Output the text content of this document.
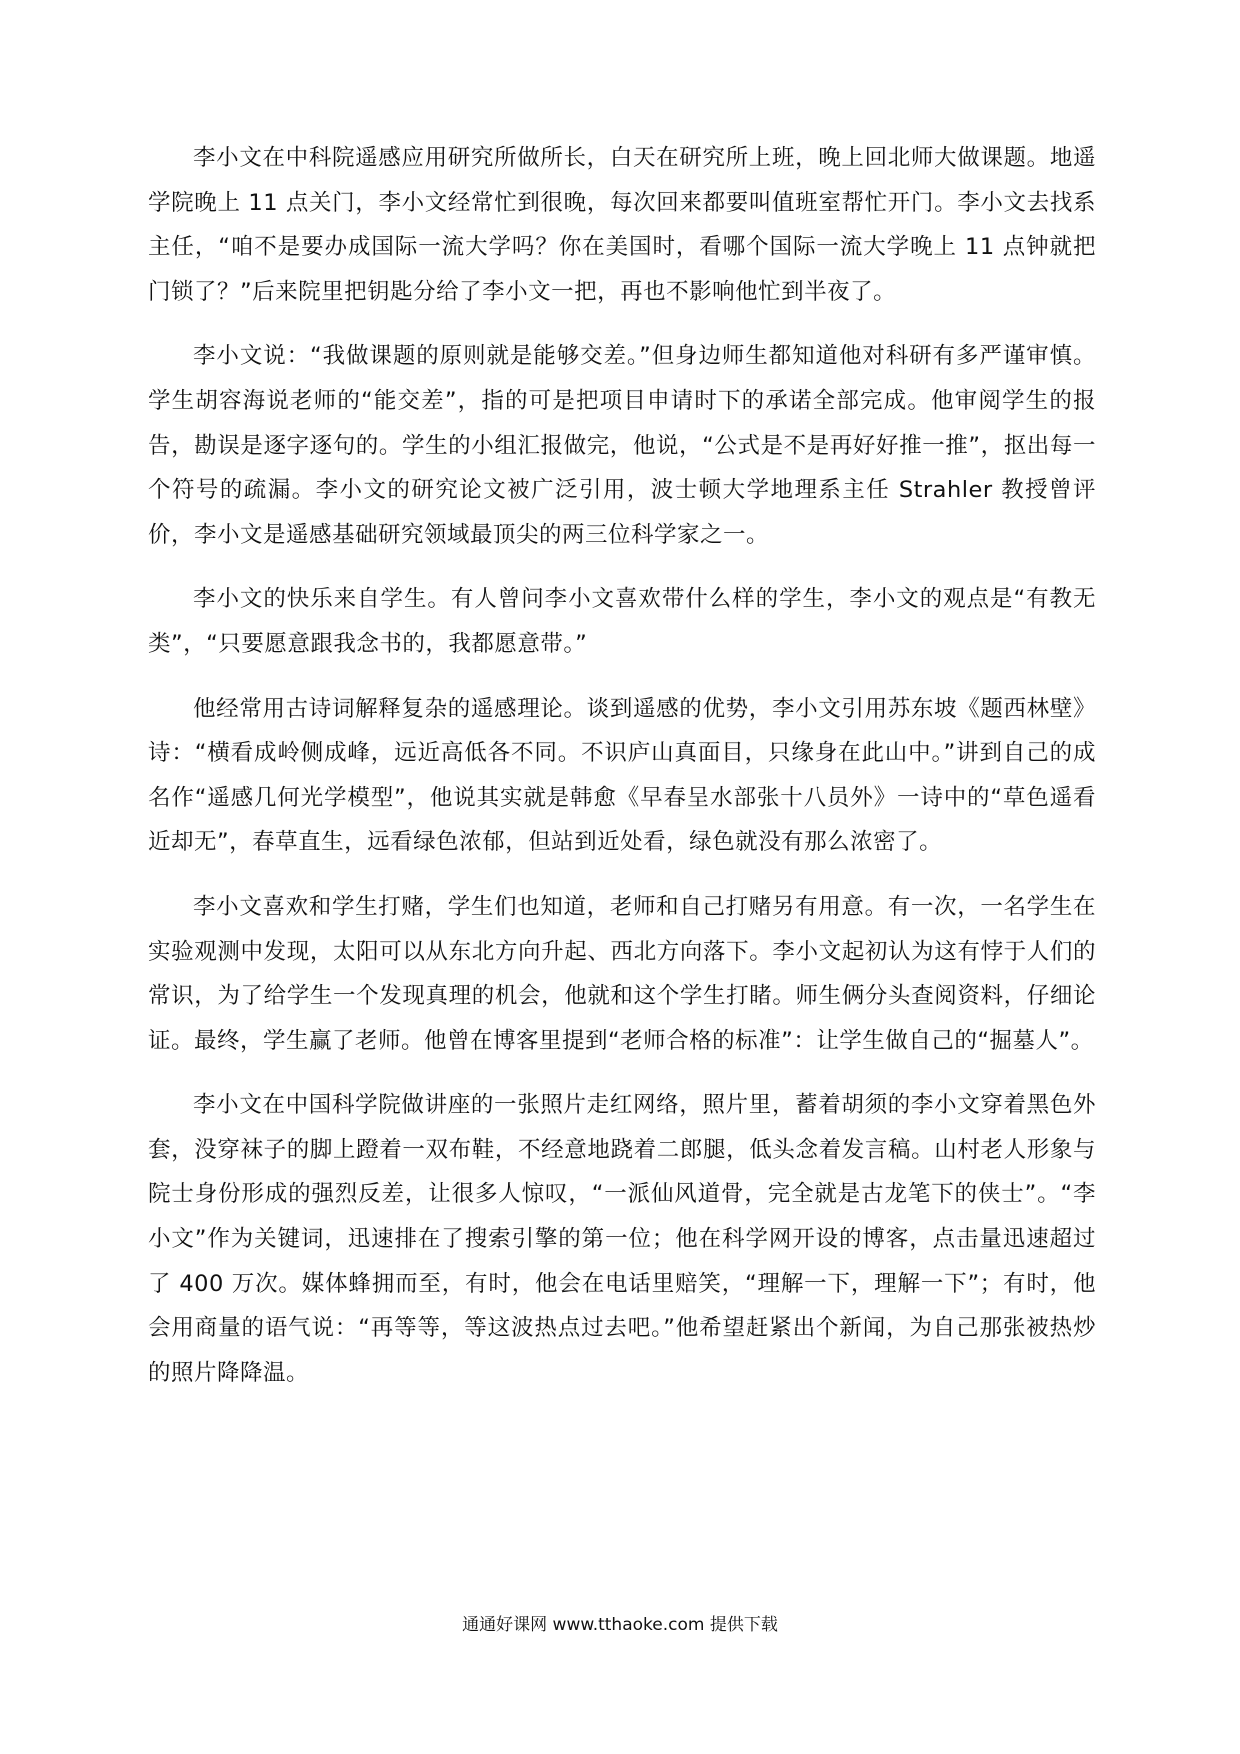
李小文在中科院遥感应用研究所做所长，白天在研究所上班，晚上回北师大做课题。地遥学院晚上 11 点关门，李小文经常忙到很晚，每次回来都要叫值班室帮忙开门。李小文去找系主任，“咱不是要办成国际一流大学吗？你在美国时，看哪个国际一流大学晚上 11 点钟就把门锁了？”后来院里把钥匙分给了李小文一把，再也不影响他忙到半夜了。

李小文说：“我做课题的原则就是能够交差。”但身边师生都知道他对科研有多严谨审慎。学生胡容海说老师的“能交差”，指的可是把项目申请时下的承诺全部完成。他审阅学生的报告，勘误是逐字逐句的。学生的小组汇报做完，他说，“公式是不是再好好推一推”，抠出每一个符号的疏漏。李小文的研究论文被广泛引用，波士顿大学地理系主任 Strahler 教授曾评价，李小文是遥感基础研究领域最顶尖的两三位科学家之一。

李小文的快乐来自学生。有人曾问李小文喜欢带什么样的学生，李小文的观点是“有教无类”，“只要愿意跟我念书的，我都愿意带。”

他经常用古诗词解释复杂的遥感理论。谈到遥感的优势，李小文引用苏东坡《题西林壁》诗：“横看成岭侧成峰，远近高低各不同。不识庐山真面目，只缘身在此山中。”讲到自己的成名作“遥感几何光学模型”，他说其实就是韩愈《早春呈水部张十八员外》一诗中的“草色遥看近却无”，春草直生，远看绿色浓郁，但站到近处看，绿色就没有那么浓密了。

李小文喜欢和学生打赌，学生们也知道，老师和自己打赌另有用意。有一次，一名学生在实验观测中发现，太阳可以从东北方向升起、西北方向落下。李小文起初认为这有悖于人们的常识，为了给学生一个发现真理的机会，他就和这个学生打睹。师生俩分头查阅资料，仔细论证。最终，学生赢了老师。他曾在博客里提到“老师合格的标准”：让学生做自己的“掘墓人”。

李小文在中国科学院做讲座的一张照片走红网络，照片里，蓄着胡须的李小文穿着黑色外套，没穿袜子的脚上蹬着一双布鞋，不经意地跷着二郎腿，低头念着发言稿。山村老人形象与院士身份形成的强烈反差，让很多人惊叹，“一派仙风道骨，完全就是古龙笔下的侠士”。“李小文”作为关键词，迅速排在了搜索引擎的第一位；他在科学网开设的博客，点击量迅速超过了 400 万次。媒体蜂拥而至，有时，他会在电话里赔笑，“理解一下，理解一下”；有时，他会用商量的语气说：“再等等，等这波热点过去吧。”他希望赶紧出个新闻，为自己那张被热炒的照片降降温。

通通好课网 www.tthaoke.com 提供下载
